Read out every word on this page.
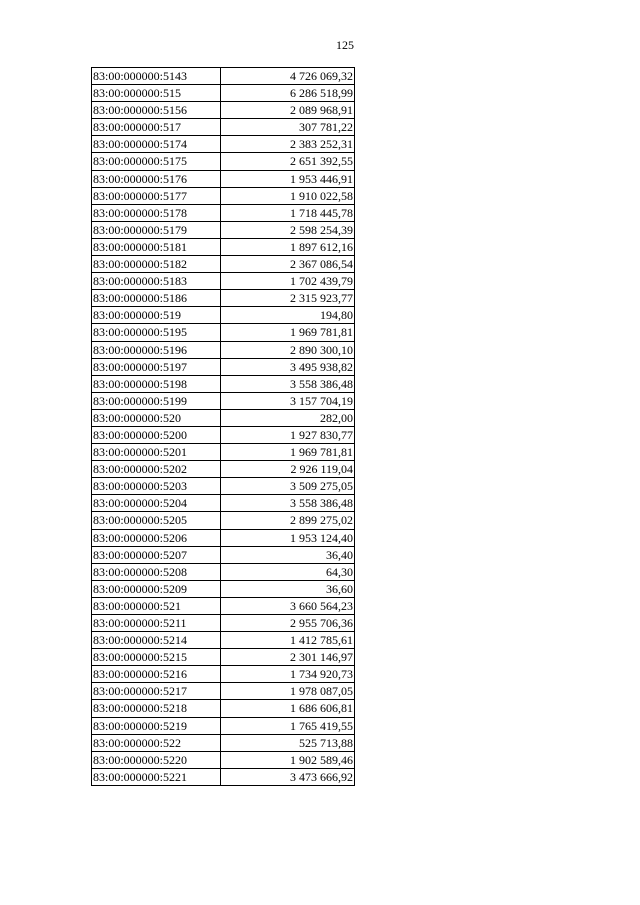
125
83:00:000000:5143	4 726 069,32
83:00:000000:515	6 286 518,99
83:00:000000:5156	2 089 968,91
83:00:000000:517	307 781,22
83:00:000000:5174	2 383 252,31
83:00:000000:5175	2 651 392,55
83:00:000000:5176	1 953 446,91
83:00:000000:5177	1 910 022,58
83:00:000000:5178	1 718 445,78
83:00:000000:5179	2 598 254,39
83:00:000000:5181	1 897 612,16
83:00:000000:5182	2 367 086,54
83:00:000000:5183	1 702 439,79
83:00:000000:5186	2 315 923,77
83:00:000000:519	194,80
83:00:000000:5195	1 969 781,81
83:00:000000:5196	2 890 300,10
83:00:000000:5197	3 495 938,82
83:00:000000:5198	3 558 386,48
83:00:000000:5199	3 157 704,19
83:00:000000:520	282,00
83:00:000000:5200	1 927 830,77
83:00:000000:5201	1 969 781,81
83:00:000000:5202	2 926 119,04
83:00:000000:5203	3 509 275,05
83:00:000000:5204	3 558 386,48
83:00:000000:5205	2 899 275,02
83:00:000000:5206	1 953 124,40
83:00:000000:5207	36,40
83:00:000000:5208	64,30
83:00:000000:5209	36,60
83:00:000000:521	3 660 564,23
83:00:000000:5211	2 955 706,36
83:00:000000:5214	1 412 785,61
83:00:000000:5215	2 301 146,97
83:00:000000:5216	1 734 920,73
83:00:000000:5217	1 978 087,05
83:00:000000:5218	1 686 606,81
83:00:000000:5219	1 765 419,55
83:00:000000:522	525 713,88
83:00:000000:5220	1 902 589,46
83:00:000000:5221	3 473 666,92
